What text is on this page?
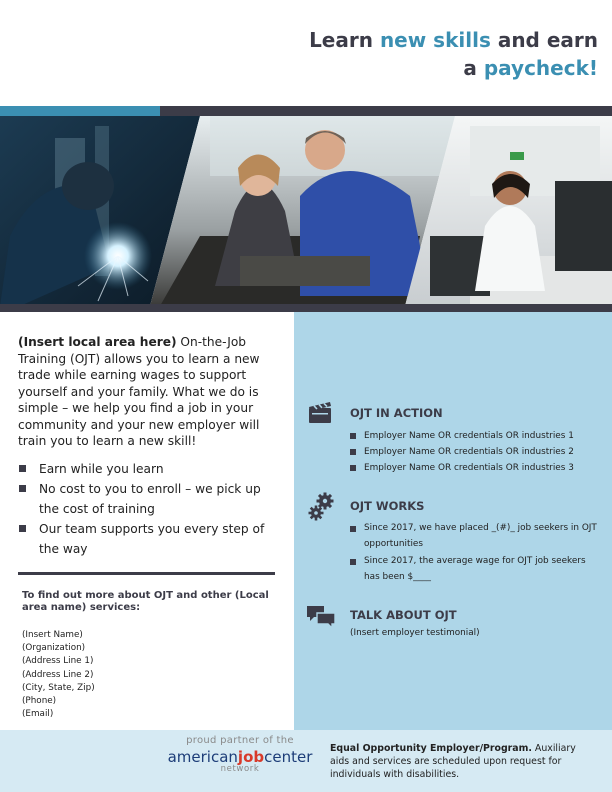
Learn new skills and earn
a paycheck!
(Insert local area here) On-the-Job Training (OJT) allows you to learn a new trade while earning wages to support yourself and your family. What we do is simple – we help you find a job in your community and your new employer will train you to learn a new skill!
Earn while you learn
No cost to you to enroll – we pick up the cost of training
Our team supports you every step of the way
To find out more about OJT and other (Local area name) services:
(Insert Name)
(Organization)
(Address Line 1)
(Address Line 2)
(City, State, Zip)
(Phone)
(Email)
OJT IN ACTION
Employer Name OR credentials OR industries 1
Employer Name OR credentials OR industries 2
Employer Name OR credentials OR industries 3
OJT WORKS
Since 2017, we have placed _(#)_ job seekers in OJT opportunities
Since 2017, the average wage for OJT job seekers has been $____
TALK ABOUT OJT
(Insert employer testimonial)
proud partner of the
americanjobcenter
network
Equal Opportunity Employer/Program. Auxiliary aids and services are scheduled upon request for individuals with disabilities.
